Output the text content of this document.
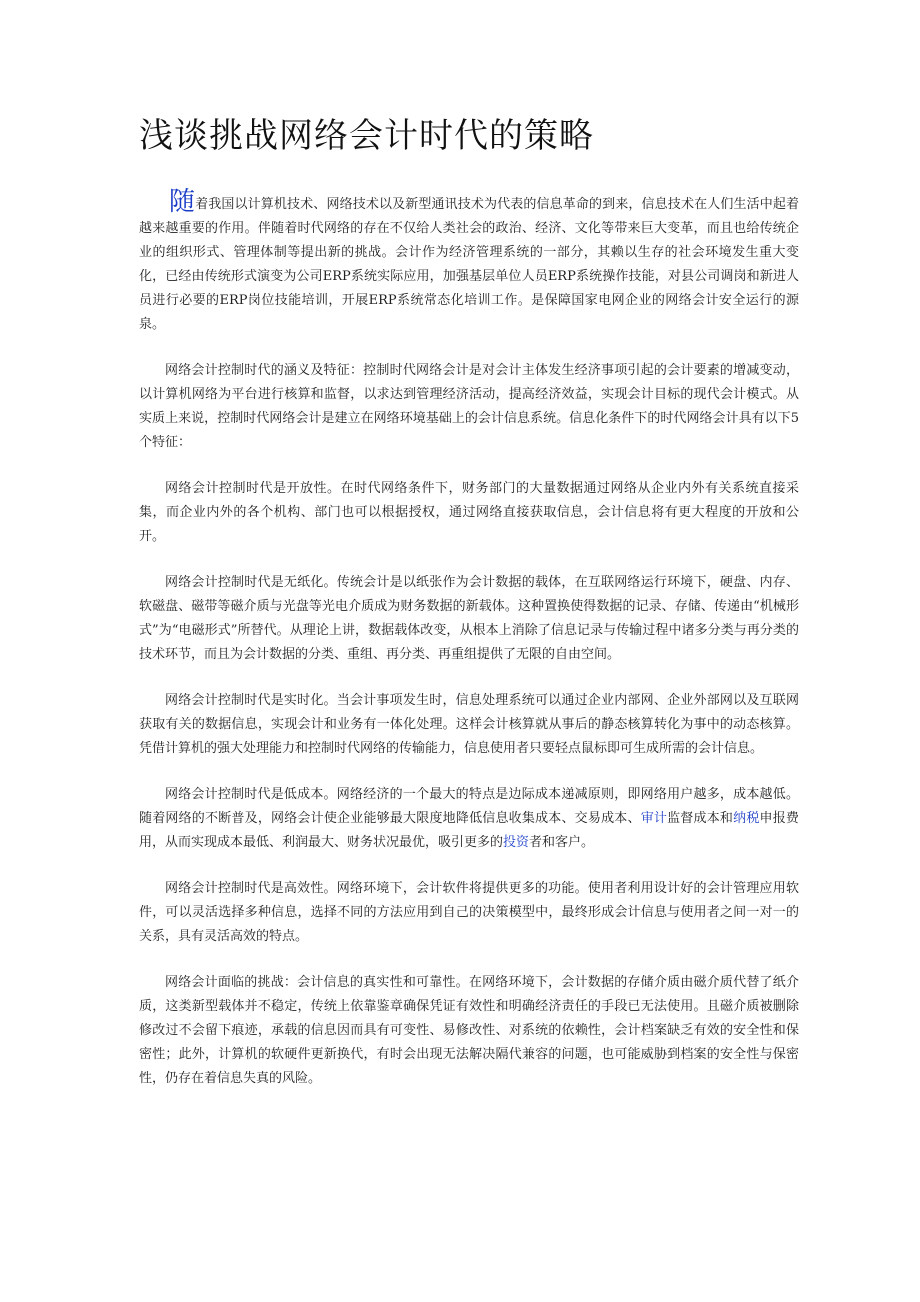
浅谈挑战网络会计时代的策略

随着我国以计算机技术、网络技术以及新型通讯技术为代表的信息革命的到来，信息技术在人们生活中起着越来越重要的作用。伴随着时代网络的存在不仅给人类社会的政治、经济、文化等带来巨大变革，而且也给传统企业的组织形式、管理体制等提出新的挑战。会计作为经济管理系统的一部分，其赖以生存的社会环境发生重大变化，已经由传统形式演变为公司ERP系统实际应用，加强基层单位人员ERP系统操作技能，对县公司调岗和新进人员进行必要的ERP岗位技能培训，开展ERP系统常态化培训工作。是保障国家电网企业的网络会计安全运行的源泉。

网络会计控制时代的涵义及特征：控制时代网络会计是对会计主体发生经济事项引起的会计要素的增减变动，以计算机网络为平台进行核算和监督，以求达到管理经济活动，提高经济效益，实现会计目标的现代会计模式。从实质上来说，控制时代网络会计是建立在网络环境基础上的会计信息系统。信息化条件下的时代网络会计具有以下5个特征：

网络会计控制时代是开放性。在时代网络条件下，财务部门的大量数据通过网络从企业内外有关系统直接采集，而企业内外的各个机构、部门也可以根据授权，通过网络直接获取信息，会计信息将有更大程度的开放和公开。

网络会计控制时代是无纸化。传统会计是以纸张作为会计数据的载体，在互联网络运行环境下，硬盘、内存、软磁盘、磁带等磁介质与光盘等光电介质成为财务数据的新载体。这种置换使得数据的记录、存储、传递由“机械形式”为“电磁形式”所替代。从理论上讲，数据载体改变，从根本上消除了信息记录与传输过程中诸多分类与再分类的技术环节，而且为会计数据的分类、重组、再分类、再重组提供了无限的自由空间。

网络会计控制时代是实时化。当会计事项发生时，信息处理系统可以通过企业内部网、企业外部网以及互联网获取有关的数据信息，实现会计和业务有一体化处理。这样会计核算就从事后的静态核算转化为事中的动态核算。凭借计算机的强大处理能力和控制时代网络的传输能力，信息使用者只要轻点鼠标即可生成所需的会计信息。

网络会计控制时代是低成本。网络经济的一个最大的特点是边际成本递减原则，即网络用户越多，成本越低。随着网络的不断普及，网络会计使企业能够最大限度地降低信息收集成本、交易成本、审计监督成本和纳税申报费用，从而实现成本最低、利润最大、财务状况最优，吸引更多的投资者和客户。

网络会计控制时代是高效性。网络环境下，会计软件将提供更多的功能。使用者利用设计好的会计管理应用软件，可以灵活选择多种信息，选择不同的方法应用到自己的决策模型中，最终形成会计信息与使用者之间一对一的关系，具有灵活高效的特点。

网络会计面临的挑战：会计信息的真实性和可靠性。在网络环境下，会计数据的存储介质由磁介质代替了纸介质，这类新型载体并不稳定，传统上依靠鉴章确保凭证有效性和明确经济责任的手段已无法使用。且磁介质被删除修改过不会留下痕迹，承载的信息因而具有可变性、易修改性、对系统的依赖性，会计档案缺乏有效的安全性和保密性；此外，计算机的软硬件更新换代，有时会出现无法解决隔代兼容的问题，也可能威胁到档案的安全性与保密性，仍存在着信息失真的风险。
